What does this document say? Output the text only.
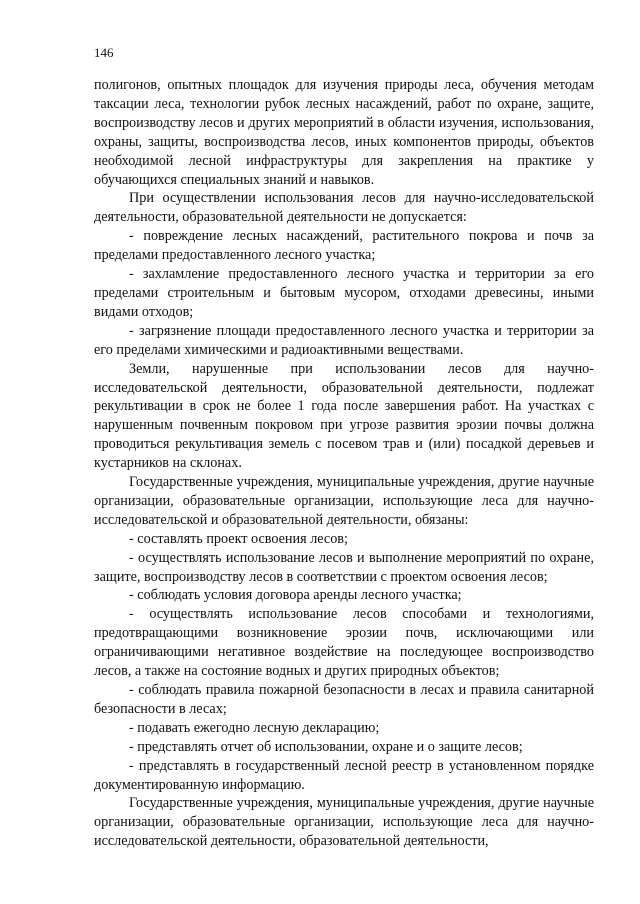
146

полигонов, опытных площадок для изучения природы леса, обучения методам таксации леса, технологии рубок лесных насаждений, работ по охране, защите, воспроизводству лесов и других мероприятий в области изучения, использования, охраны, защиты, воспроизводства лесов, иных компонентов природы, объектов необходимой лесной инфраструктуры для закрепления на практике у обучающихся специальных знаний и навыков.

При осуществлении использования лесов для научно-исследовательской деятельности, образовательной деятельности не допускается:

- повреждение лесных насаждений, растительного покрова и почв за пределами предоставленного лесного участка;

- захламление предоставленного лесного участка и территории за его пределами строительным и бытовым мусором, отходами древесины, иными видами отходов;

- загрязнение площади предоставленного лесного участка и территории за его пределами химическими и радиоактивными веществами.

Земли, нарушенные при использовании лесов для научно-исследовательской деятельности, образовательной деятельности, подлежат рекультивации в срок не более 1 года после завершения работ. На участках с нарушенным почвенным покровом при угрозе развития эрозии почвы должна проводиться рекультивация земель с посевом трав и (или) посадкой деревьев и кустарников на склонах.

Государственные учреждения, муниципальные учреждения, другие научные организации, образовательные организации, использующие леса для научно-исследовательской и образовательной деятельности, обязаны:

- составлять проект освоения лесов;

- осуществлять использование лесов и выполнение мероприятий по охране, защите, воспроизводству лесов в соответствии с проектом освоения лесов;

- соблюдать условия договора аренды лесного участка;

- осуществлять использование лесов способами и технологиями, предотвращающими возникновение эрозии почв, исключающими или ограничивающими негативное воздействие на последующее воспроизводство лесов, а также на состояние водных и других природных объектов;

- соблюдать правила пожарной безопасности в лесах и правила санитарной безопасности в лесах;

- подавать ежегодно лесную декларацию;

- представлять отчет об использовании, охране и о защите лесов;

- представлять в государственный лесной реестр в установленном порядке документированную информацию.

Государственные учреждения, муниципальные учреждения, другие научные организации, образовательные организации, использующие леса для научно-исследовательской деятельности, образовательной деятельности,
